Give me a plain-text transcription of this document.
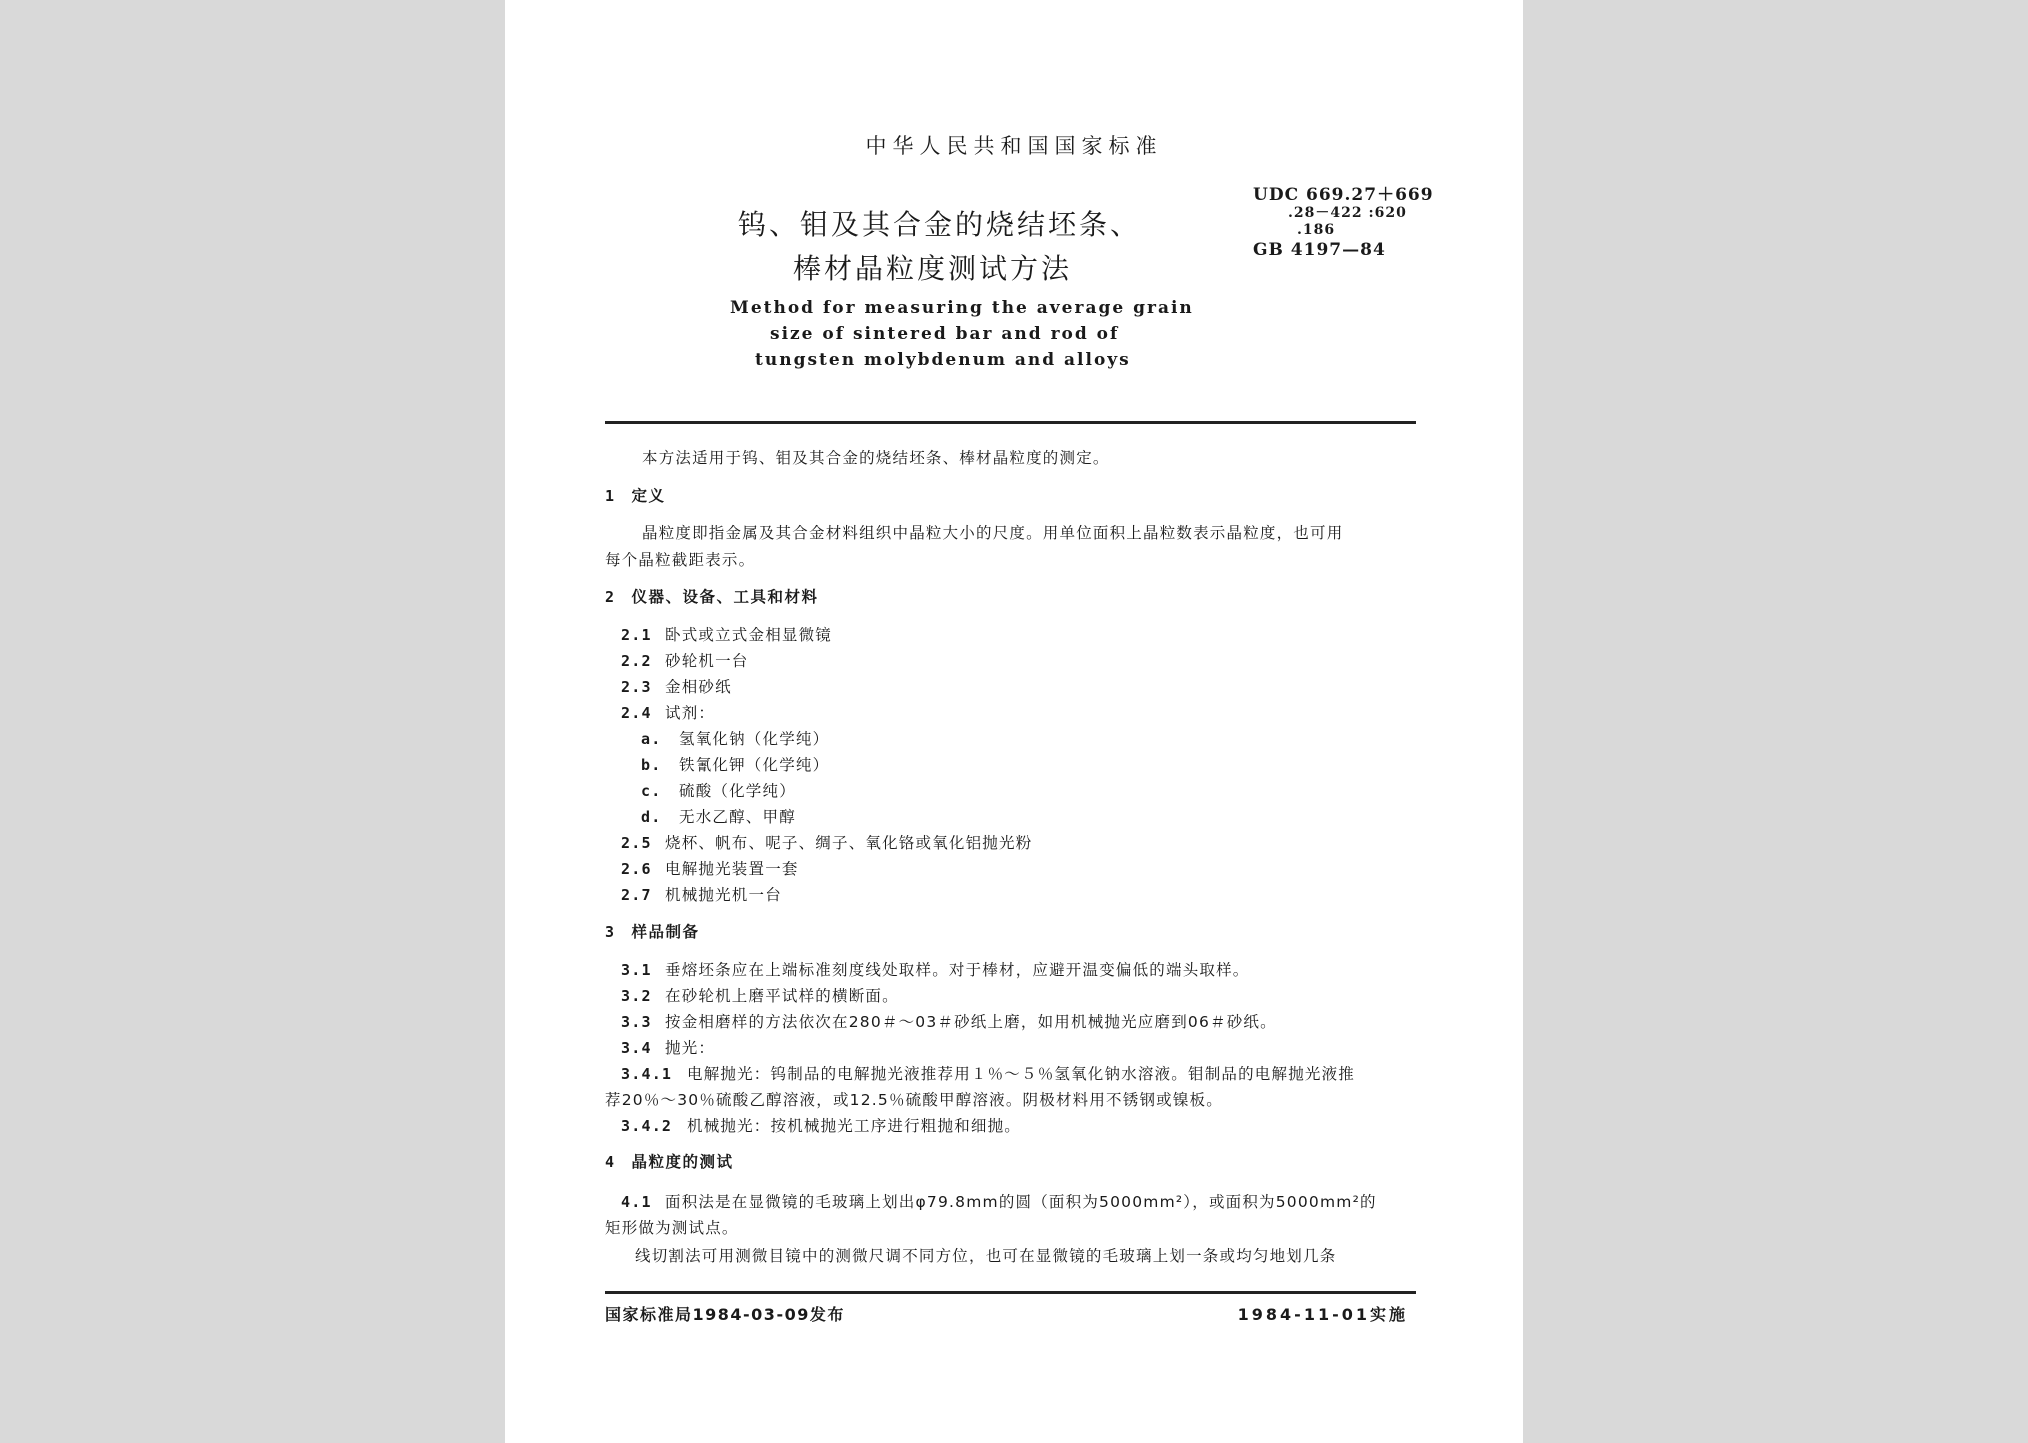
中华人民共和国国家标准
UDC 669.27＋669
.28－422 :620
.186
GB 4197—84
钨、钼及其合金的烧结坯条、
棒材晶粒度测试方法
Method for measuring the average grain
size of sintered bar and rod of
tungsten molybdenum and alloys
本方法适用于钨、钼及其合金的烧结坯条、棒材晶粒度的测定。
1 定义
晶粒度即指金属及其合金材料组织中晶粒大小的尺度。用单位面积上晶粒数表示晶粒度，也可用
每个晶粒截距表示。
2 仪器、设备、工具和材料
2.1 卧式或立式金相显微镜
2.2 砂轮机一台
2.3 金相砂纸
2.4 试剂：
a. 氢氧化钠（化学纯）
b. 铁氰化钾（化学纯）
c. 硫酸（化学纯）
d. 无水乙醇、甲醇
2.5 烧杯、帆布、呢子、绸子、氧化铬或氧化铝抛光粉
2.6 电解抛光装置一套
2.7 机械抛光机一台
3 样品制备
3.1 垂熔坯条应在上端标准刻度线处取样。对于棒材，应避开温变偏低的端头取样。
3.2 在砂轮机上磨平试样的横断面。
3.3 按金相磨样的方法依次在280＃～03＃砂纸上磨，如用机械抛光应磨到06＃砂纸。
3.4 抛光：
3.4.1 电解抛光：钨制品的电解抛光液推荐用１％～５％氢氧化钠水溶液。钼制品的电解抛光液推
荐20％～30％硫酸乙醇溶液，或12.5％硫酸甲醇溶液。阴极材料用不锈钢或镍板。
3.4.2 机械抛光：按机械抛光工序进行粗抛和细抛。
4 晶粒度的测试
4.1 面积法是在显微镜的毛玻璃上划出φ79.8mm的圆（面积为5000mm²），或面积为5000mm²的
矩形做为测试点。
线切割法可用测微目镜中的测微尺调不同方位，也可在显微镜的毛玻璃上划一条或均匀地划几条
国家标准局1984-03-09发布	1984-11-01实施
